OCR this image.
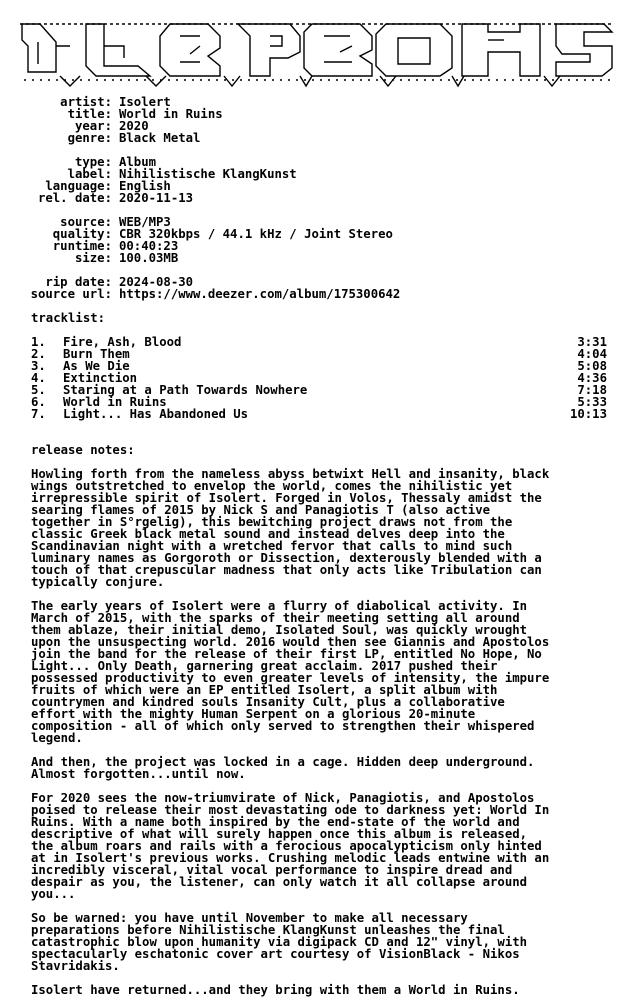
artist: Isolert
title: World in Ruins
year: 2020
genre: Black Metal
type: Album
label: Nihilistische KlangKunst
language: English
rel. date: 2020-11-13
source: WEB/MP3
quality: CBR 320kbps / 44.1 kHz / Joint Stereo
runtime: 00:40:23
size: 100.03MB
rip date: 2024-08-30
source url: https://www.deezer.com/album/175300642
tracklist:
1. Fire, Ash, Blood	3:31
2. Burn Them	4:04
3. As We Die	5:08
4. Extinction	4:36
5. Staring at a Path Towards Nowhere	7:18
6. World in Ruins	5:33
7. Light... Has Abandoned Us	10:13
release notes:

Howling forth from the nameless abyss betwixt Hell and insanity, black
wings outstretched to envelop the world, comes the nihilistic yet
irrepressible spirit of Isolert. Forged in Volos, Thessaly amidst the
searing flames of 2015 by Nick S and Panagiotis T (also active
together in S°rgelig), this bewitching project draws not from the
classic Greek black metal sound and instead delves deep into the
Scandinavian night with a wretched fervor that calls to mind such
luminary names as Gorgoroth or Dissection, dexterously blended with a
touch of that crepuscular madness that only acts like Tribulation can
typically conjure.

The early years of Isolert were a flurry of diabolical activity. In
March of 2015, with the sparks of their meeting setting all around
them ablaze, their initial demo, Isolated Soul, was quickly wrought
upon the unsuspecting world. 2016 would then see Giannis and Apostolos
join the band for the release of their first LP, entitled No Hope, No
Light... Only Death, garnering great acclaim. 2017 pushed their
possessed productivity to even greater levels of intensity, the impure
fruits of which were an EP entitled Isolert, a split album with
countrymen and kindred souls Insanity Cult, plus a collaborative
effort with the mighty Human Serpent on a glorious 20-minute
composition - all of which only served to strengthen their whispered
legend.

And then, the project was locked in a cage. Hidden deep underground.
Almost forgotten...until now.

For 2020 sees the now-triumvirate of Nick, Panagiotis, and Apostolos
poised to release their most devastating ode to darkness yet: World In
Ruins. With a name both inspired by the end-state of the world and
descriptive of what will surely happen once this album is released,
the album roars and rails with a ferocious apocalypticism only hinted
at in Isolert's previous works. Crushing melodic leads entwine with an
incredibly visceral, vital vocal performance to inspire dread and
despair as you, the listener, can only watch it all collapse around
you...

So be warned: you have until November to make all necessary
preparations before Nihilistische KlangKunst unleashes the final
catastrophic blow upon humanity via digipack CD and 12" vinyl, with
spectacularly eschatonic cover art courtesy of VisionBlack - Nikos
Stavridakis.

Isolert have returned...and they bring with them a World in Ruins.
